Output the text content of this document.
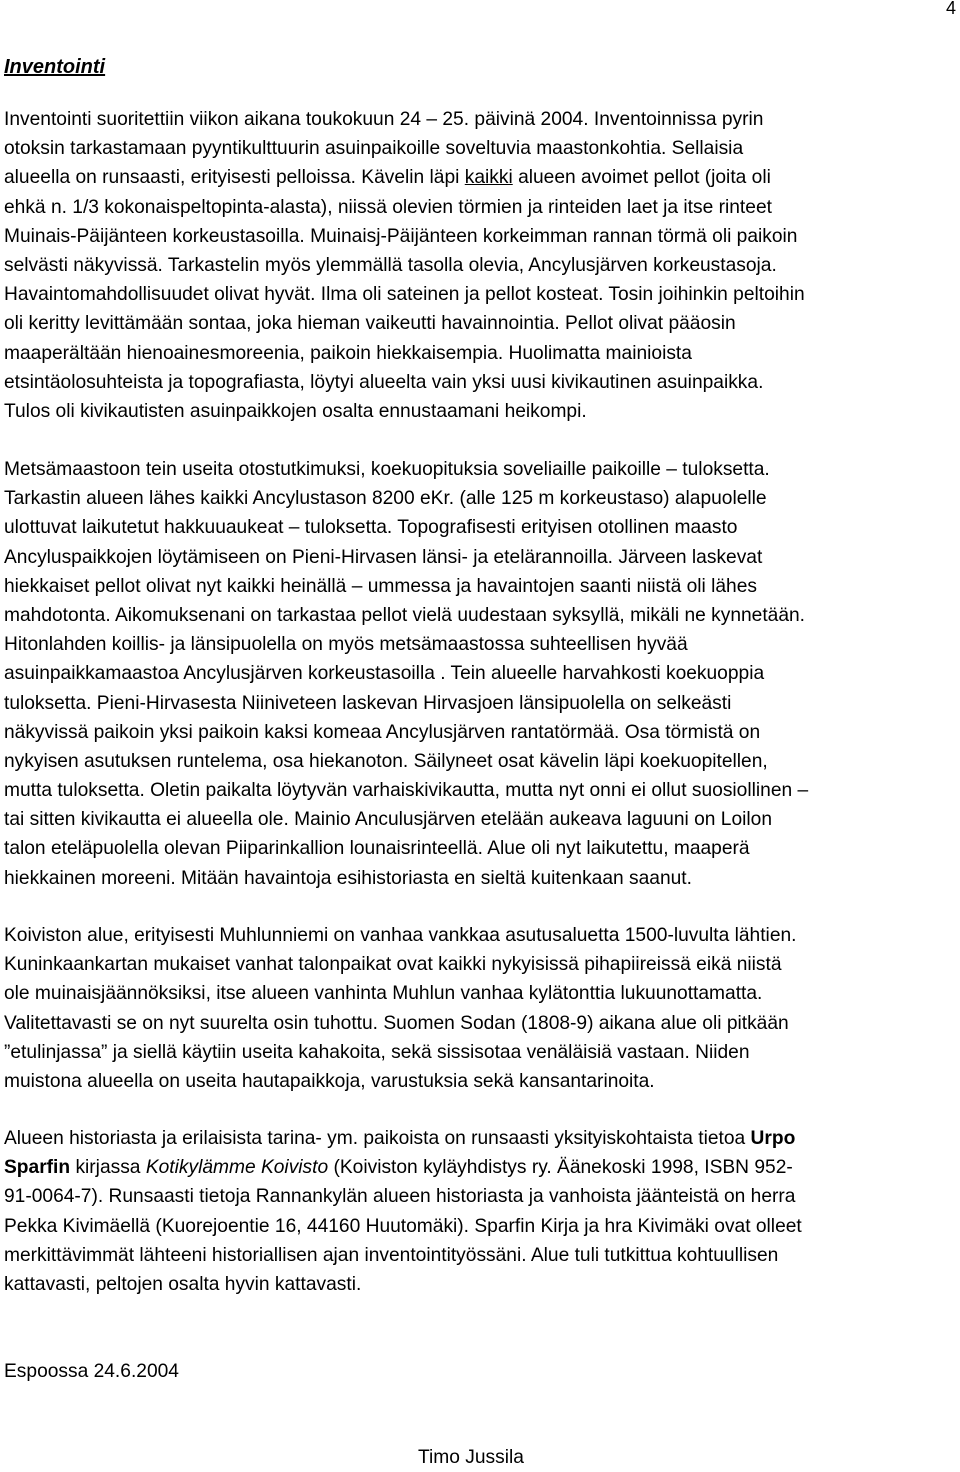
4
Inventointi
Inventointi suoritettiin viikon aikana toukokuun 24 – 25. päivinä 2004. Inventoinnissa pyrin
otoksin tarkastamaan pyyntikulttuurin asuinpaikoille soveltuvia maastonkohtia. Sellaisia
alueella on runsaasti, erityisesti pelloissa. Kävelin läpi kaikki alueen avoimet pellot (joita oli
ehkä n. 1/3 kokonaispeltopinta-alasta), niissä olevien törmien ja rinteiden laet ja itse rinteet
Muinais-Päijänteen korkeustasoilla. Muinaisj-Päijänteen korkeimman rannan törmä oli paikoin
selvästi näkyvissä. Tarkastelin myös ylemmällä tasolla olevia, Ancylusjärven korkeustasoja.
Havaintomahdollisuudet olivat hyvät. Ilma oli sateinen ja pellot kosteat. Tosin joihinkin peltoihin
oli keritty levittämään sontaa, joka hieman vaikeutti havainnointia. Pellot olivat pääosin
maaperältään hienoainesmoreenia, paikoin hiekkaisempia. Huolimatta mainioista
etsintäolosuhteista ja topografiasta, löytyi alueelta vain yksi uusi kivikautinen asuinpaikka.
Tulos oli kivikautisten asuinpaikkojen osalta ennustaamani heikompi.
Metsämaastoon tein useita otostutkimuksi, koekuopituksia soveliaille paikoille – tuloksetta.
Tarkastin alueen lähes kaikki Ancylustason 8200 eKr. (alle 125 m korkeustaso) alapuolelle
ulottuvat laikutetut hakkuuaukeat – tuloksetta. Topografisesti erityisen otollinen maasto
Ancyluspaikkojen löytämiseen on Pieni-Hirvasen länsi- ja etelärannoilla. Järveen laskevat
hiekkaiset pellot olivat nyt kaikki heinällä – ummessa ja havaintojen saanti niistä oli lähes
mahdotonta. Aikomuksenani on tarkastaa pellot vielä uudestaan syksyllä, mikäli ne kynnetään.
Hitonlahden koillis- ja länsipuolella on myös metsämaastossa suhteellisen hyvää
asuinpaikkamaastoa Ancylusjärven korkeustasoilla . Tein alueelle harvahkosti koekuoppia
tuloksetta. Pieni-Hirvasesta Niiniveteen laskevan Hirvasjoen länsipuolella on selkeästi
näkyvissä paikoin yksi paikoin kaksi komeaa Ancylusjärven rantatörmää. Osa törmistä on
nykyisen asutuksen runtelema, osa hiekanoton. Säilyneet osat kävelin läpi koekuopitellen,
mutta tuloksetta. Oletin paikalta löytyvän varhaiskivikautta, mutta nyt onni ei ollut suosiollinen –
tai sitten kivikautta ei alueella ole. Mainio Anculusjärven etelään aukeava laguuni on Loilon
talon eteläpuolella olevan Piiparinkallion lounaisrinteellä. Alue oli nyt laikutettu, maaperä
hiekkainen moreeni. Mitään havaintoja esihistoriasta en sieltä kuitenkaan saanut.
Koiviston alue, erityisesti Muhlunniemi on vanhaa vankkaa asutusaluetta 1500-luvulta lähtien.
Kuninkaankartan mukaiset vanhat talonpaikat ovat kaikki nykyisissä pihapiireissä eikä niistä
ole muinaisjäännöksiksi, itse alueen vanhinta Muhlun vanhaa kylätonttia lukuunottamatta.
Valitettavasti se on nyt suurelta osin tuhottu. Suomen Sodan (1808-9) aikana alue oli pitkään
”etulinjassa” ja siellä käytiin useita kahakoita, sekä sissisotaa venäläisiä vastaan. Niiden
muistona alueella on useita hautapaikkoja, varustuksia sekä kansantarinoita.
Alueen historiasta ja erilaisista tarina- ym. paikoista on runsaasti yksityiskohtaista tietoa Urpo
Sparfin kirjassa Kotikylämme Koivisto (Koiviston kyläyhdistys ry. Äänekoski 1998, ISBN 952-
91-0064-7). Runsaasti tietoja Rannankylän alueen historiasta ja vanhoista jäänteistä on herra
Pekka Kivimäellä (Kuorejoentie 16, 44160 Huutomäki). Sparfin Kirja ja hra Kivimäki ovat olleet
merkittävimmät lähteeni historiallisen ajan inventointityössäni. Alue tuli tutkittua kohtuullisen
kattavasti, peltojen osalta hyvin kattavasti.
Espoossa 24.6.2004
Timo Jussila
